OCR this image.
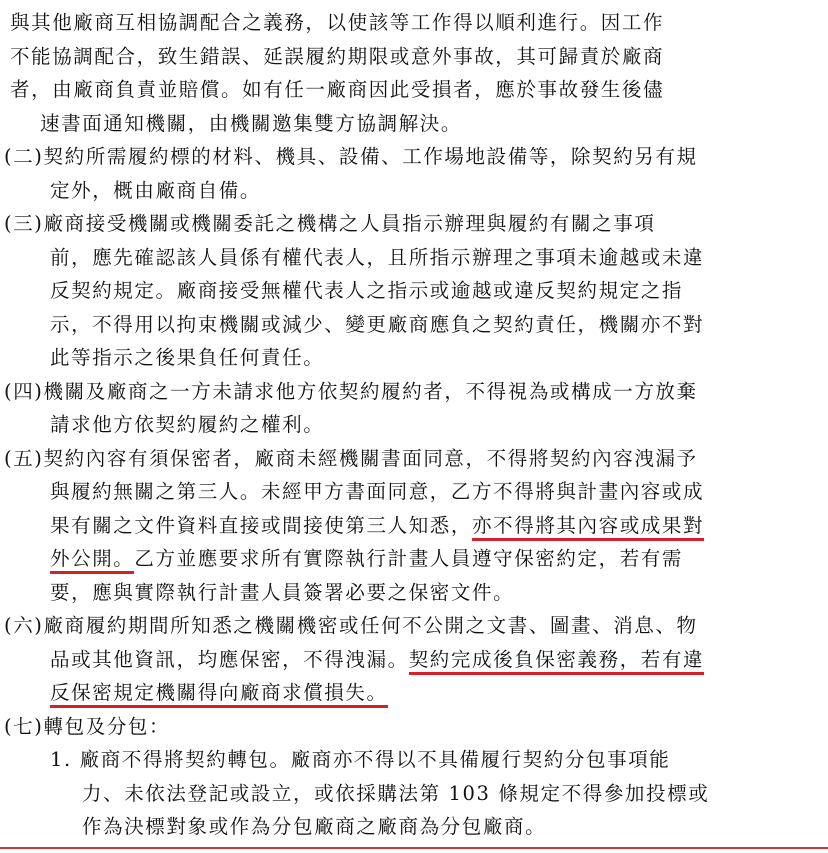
與其他廠商互相協調配合之義務，以使該等工作得以順利進行。因工作
不能協調配合，致生錯誤、延誤履約期限或意外事故，其可歸責於廠商
者，由廠商負責並賠償。如有任一廠商因此受損者，應於事故發生後儘
速書面通知機關，由機關邀集雙方協調解決。
(二)契約所需履約標的材料、機具、設備、工作場地設備等，除契約另有規
定外，概由廠商自備。
(三)廠商接受機關或機關委託之機構之人員指示辦理與履約有關之事項
前，應先確認該人員係有權代表人，且所指示辦理之事項未逾越或未違
反契約規定。廠商接受無權代表人之指示或逾越或違反契約規定之指
示，不得用以拘束機關或減少、變更廠商應負之契約責任，機關亦不對
此等指示之後果負任何責任。
(四)機關及廠商之一方未請求他方依契約履約者，不得視為或構成一方放棄
請求他方依契約履約之權利。
(五)契約內容有須保密者，廠商未經機關書面同意，不得將契約內容洩漏予
與履約無關之第三人。未經甲方書面同意，乙方不得將與計畫內容或成
果有關之文件資料直接或間接使第三人知悉，亦不得將其內容或成果對
外公開。乙方並應要求所有實際執行計畫人員遵守保密約定，若有需
要，應與實際執行計畫人員簽署必要之保密文件。
(六)廠商履約期間所知悉之機關機密或任何不公開之文書、圖畫、消息、物
品或其他資訊，均應保密，不得洩漏。契約完成後負保密義務，若有違
反保密規定機關得向廠商求償損失。
(七)轉包及分包：
1. 廠商不得將契約轉包。廠商亦不得以不具備履行契約分包事項能
力、未依法登記或設立，或依採購法第 103 條規定不得參加投標或
作為決標對象或作為分包廠商之廠商為分包廠商。
